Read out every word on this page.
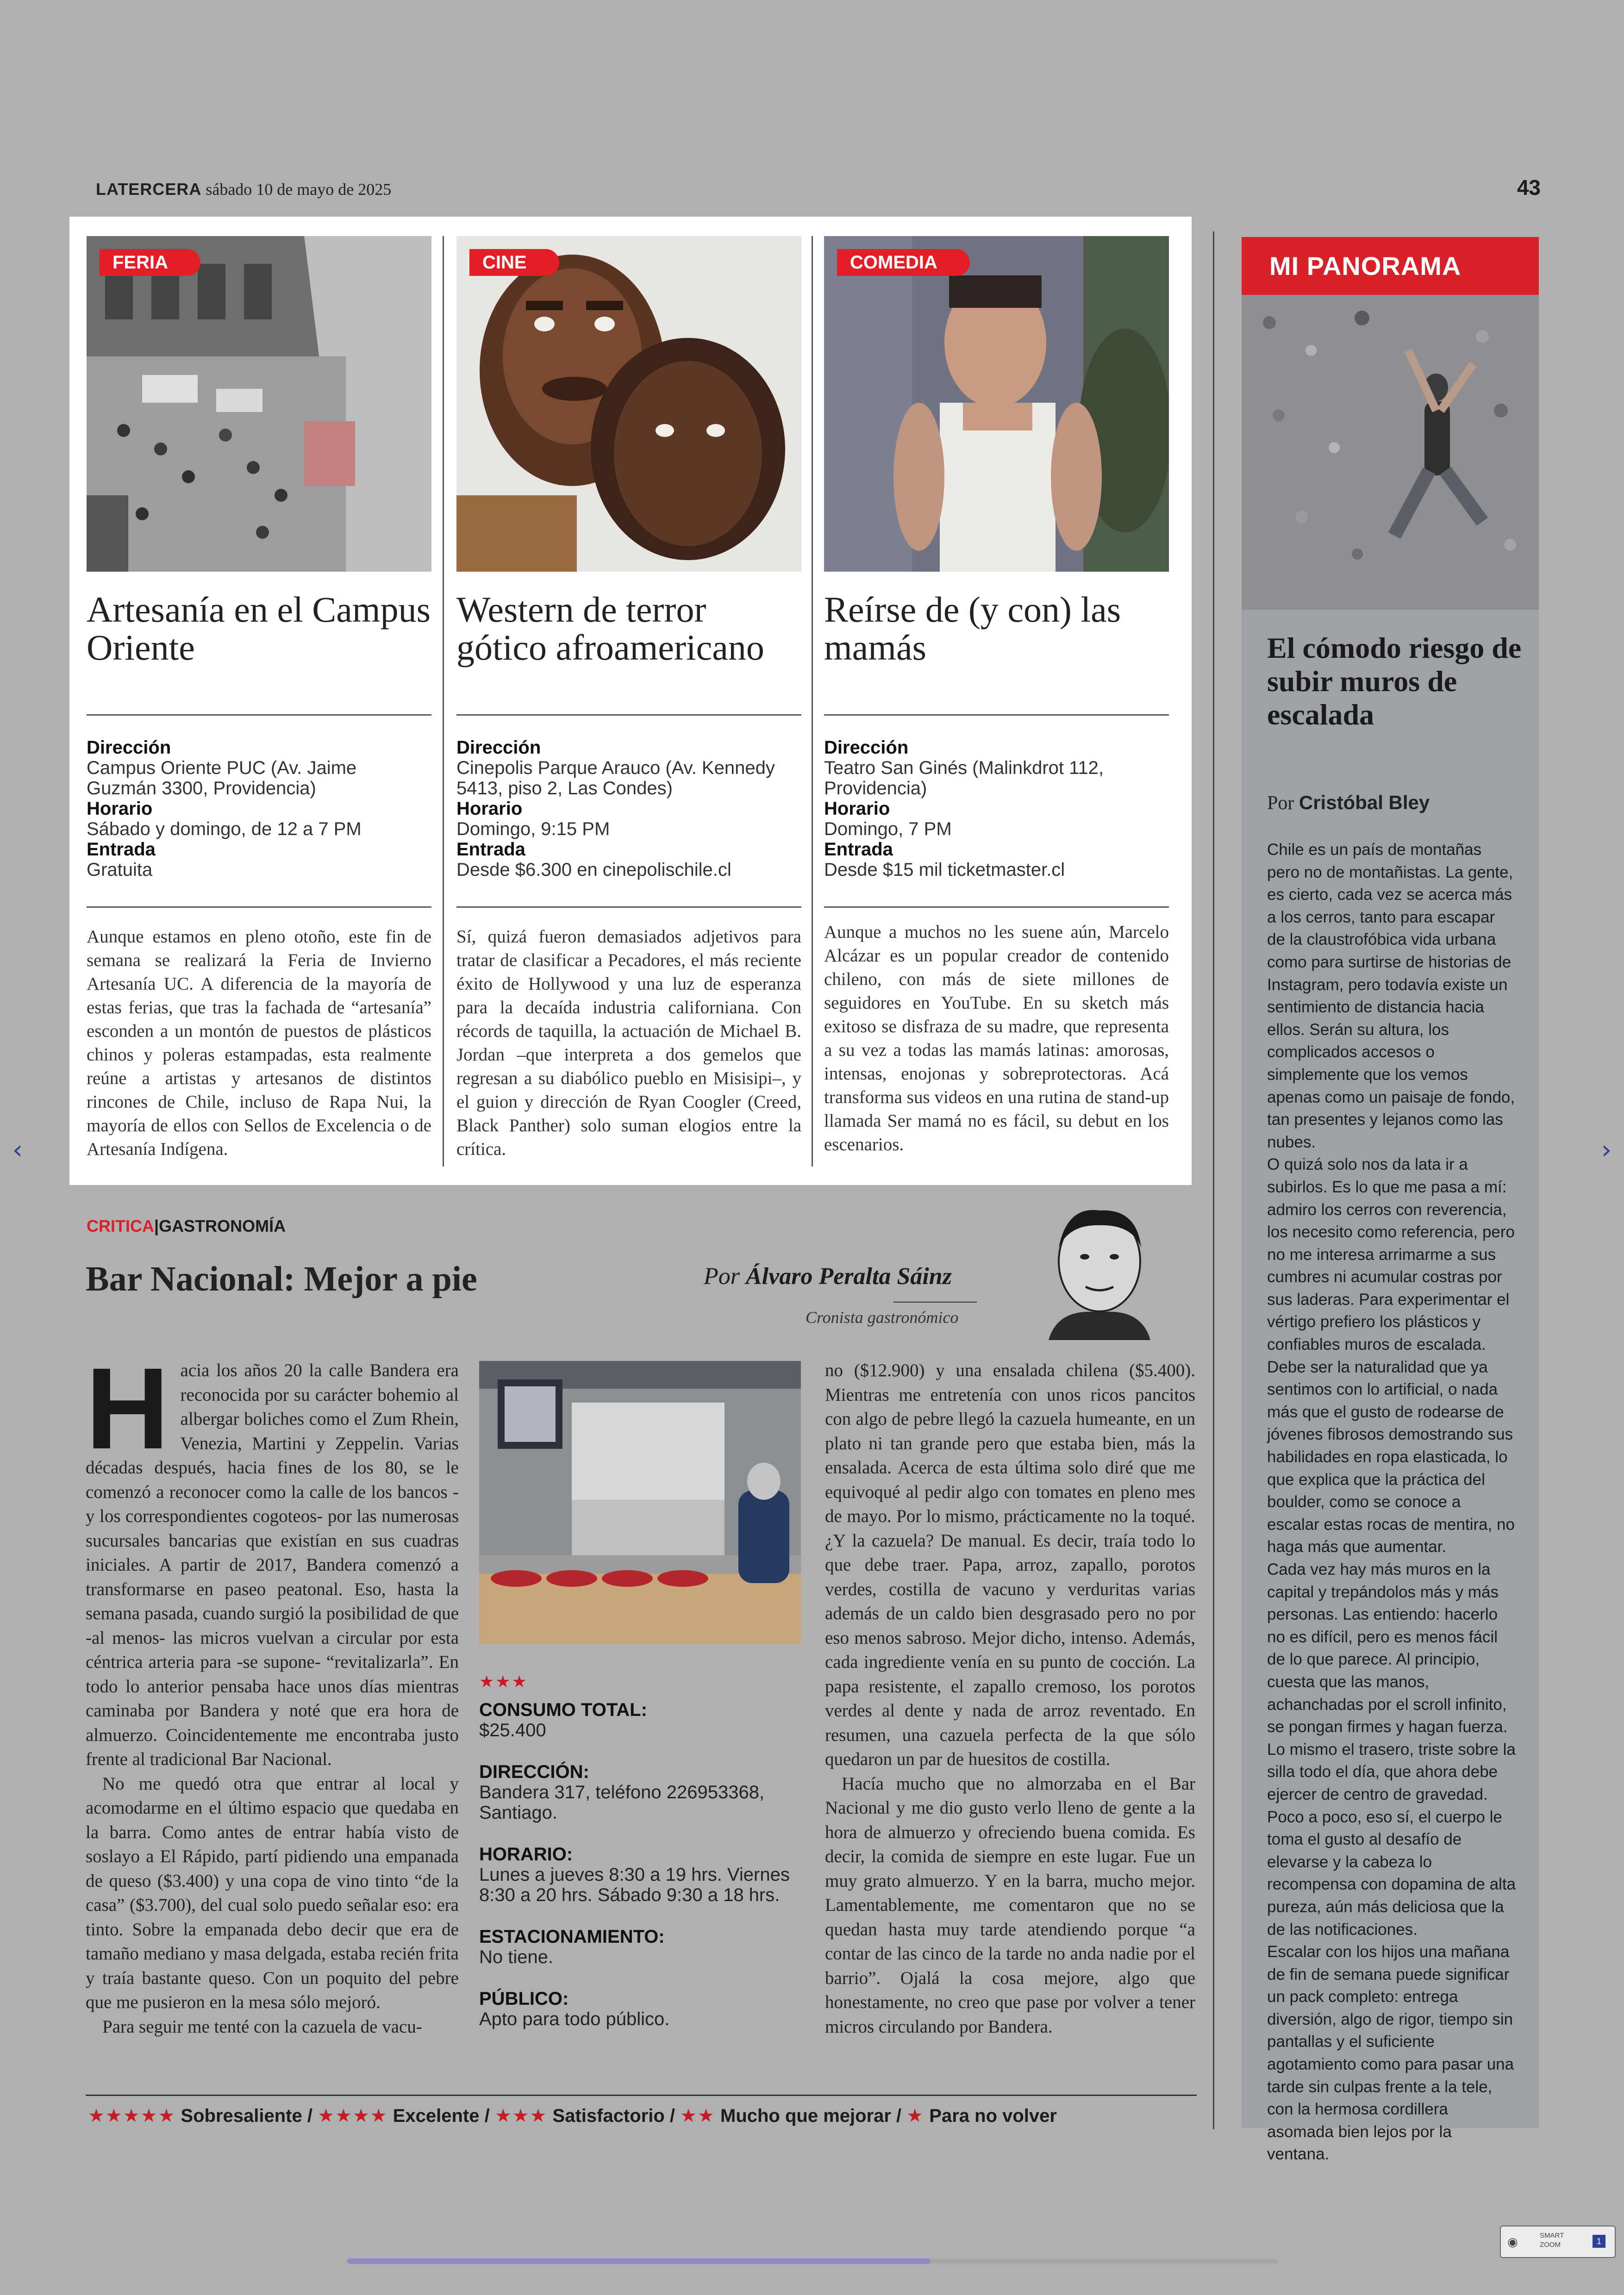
LATERCERA sábado 10 de mayo de 2025	43
FERIA
Artesanía en el Campus Oriente
Dirección
Campus Oriente PUC (Av. Jaime Guzmán 3300, Providencia)
Horario
Sábado y domingo, de 12 a 7 PM
Entrada
Gratuita
Aunque estamos en pleno otoño, este fin de semana se realizará la Feria de Invierno Artesanía UC. A diferencia de la mayoría de estas ferias, que tras la fachada de “artesanía” esconden a un montón de puestos de plásticos chinos y poleras estampadas, esta realmente reúne a artistas y artesanos de distintos rincones de Chile, incluso de Rapa Nui, la mayoría de ellos con Sellos de Excelencia o de Artesanía Indígena.
CINE
Western de terror gótico afroamericano
Dirección
Cinepolis Parque Arauco (Av. Kennedy 5413, piso 2, Las Condes)
Horario
Domingo, 9:15 PM
Entrada
Desde $6.300 en cinepolischile.cl
Sí, quizá fueron demasiados adjetivos para tratar de clasificar a Pecadores, el más reciente éxito de Hollywood y una luz de esperanza para la decaída industria californiana. Con récords de taquilla, la actuación de Michael B. Jordan –que interpreta a dos gemelos que regresan a su diabólico pueblo en Misisipi–, y el guion y dirección de Ryan Coogler (Creed, Black Panther) solo suman elogios entre la crítica.
COMEDIA
Reírse de (y con) las mamás
Dirección
Teatro San Ginés (Malinkdrot 112, Providencia)
Horario
Domingo, 7 PM
Entrada
Desde $15 mil ticketmaster.cl
Aunque a muchos no les suene aún, Marcelo Alcázar es un popular creador de contenido chileno, con más de siete millones de seguidores en YouTube. En su sketch más exitoso se disfraza de su madre, que representa a su vez a todas las mamás latinas: amorosas, intensas, enojonas y sobreprotectoras. Acá transforma sus videos en una rutina de stand-up llamada Ser mamá no es fácil, su debut en los escenarios.
MI PANORAMA
El cómodo riesgo de subir muros de escalada
Por Cristóbal Bley

Chile es un país de montañas pero no de montañistas. La gente, es cierto, cada vez se acerca más a los cerros, tanto para escapar de la claustrofóbica vida urbana como para surtirse de historias de Instagram, pero todavía existe un sentimiento de distancia hacia ellos. Serán su altura, los complicados accesos o simplemente que los vemos apenas como un paisaje de fondo, tan presentes y lejanos como las nubes.

O quizá solo nos da lata ir a subirlos. Es lo que me pasa a mí: admiro los cerros con reverencia, los necesito como referencia, pero no me interesa arrimarme a sus cumbres ni acumular costras por sus laderas. Para experimentar el vértigo prefiero los plásticos y confiables muros de escalada.

Debe ser la naturalidad que ya sentimos con lo artificial, o nada más que el gusto de rodearse de jóvenes fibrosos demostrando sus habilidades en ropa elasticada, lo que explica que la práctica del boulder, como se conoce a escalar estas rocas de mentira, no haga más que aumentar.

Cada vez hay más muros en la capital y trepándolos más y más personas. Las entiendo: hacerlo no es difícil, pero es menos fácil de lo que parece. Al principio, cuesta que las manos, achanchadas por el scroll infinito, se pongan firmes y hagan fuerza. Lo mismo el trasero, triste sobre la silla todo el día, que ahora debe ejercer de centro de gravedad. Poco a poco, eso sí, el cuerpo le toma el gusto al desafío de elevarse y la cabeza lo recompensa con dopamina de alta pureza, aún más deliciosa que la de las notificaciones.

Escalar con los hijos una mañana de fin de semana puede significar un pack completo: entrega diversión, algo de rigor, tiempo sin pantallas y el suficiente agotamiento como para pasar una tarde sin culpas frente a la tele, con la hermosa cordillera asomada bien lejos por la ventana.

CRITICA|GASTRONOMÍA
Bar Nacional: Mejor a pie	Por Álvaro Peralta Sáinz
Cronista gastronómico

Hacia los años 20 la calle Bandera era reconocida por su carácter bohemio al albergar boliches como el Zum Rhein, Venezia, Martini y Zeppelin. Varias décadas después, hacia fines de los 80, se le comenzó a reconocer como la calle de los bancos -y los correspondientes cogoteos- por las numerosas sucursales bancarias que existían en sus cuadras iniciales. A partir de 2017, Bandera comenzó a transformarse en paseo peatonal. Eso, hasta la semana pasada, cuando surgió la posibilidad de que -al menos- las micros vuelvan a circular por esta céntrica arteria para -se supone- “revitalizarla”. En todo lo anterior pensaba hace unos días mientras caminaba por Bandera y noté que era hora de almuerzo. Coincidentemente me encontraba justo frente al tradicional Bar Nacional.

No me quedó otra que entrar al local y acomodarme en el último espacio que quedaba en la barra. Como antes de entrar había visto de soslayo a El Rápido, partí pidiendo una empanada de queso ($3.400) y una copa de vino tinto “de la casa” ($3.700), del cual solo puedo señalar eso: era tinto. Sobre la empanada debo decir que era de tamaño mediano y masa delgada, estaba recién frita y traía bastante queso. Con un poquito del pebre que me pusieron en la mesa sólo mejoró.

Para seguir me tenté con la cazuela de vacu-

★★★
CONSUMO TOTAL:
$25.400
DIRECCIÓN:
Bandera 317, teléfono 226953368, Santiago.
HORARIO:
Lunes a jueves 8:30 a 19 hrs. Viernes 8:30 a 20 hrs. Sábado 9:30 a 18 hrs.
ESTACIONAMIENTO:
No tiene.
PÚBLICO:
Apto para todo público.

no ($12.900) y una ensalada chilena ($5.400). Mientras me entretenía con unos ricos pancitos con algo de pebre llegó la cazuela humeante, en un plato ni tan grande pero que estaba bien, más la ensalada. Acerca de esta última solo diré que me equivoqué al pedir algo con tomates en pleno mes de mayo. Por lo mismo, prácticamente no la toqué. ¿Y la cazuela? De manual. Es decir, traía todo lo que debe traer. Papa, arroz, zapallo, porotos verdes, costilla de vacuno y verduritas varias además de un caldo bien desgrasado pero no por eso menos sabroso. Mejor dicho, intenso. Además, cada ingrediente venía en su punto de cocción. La papa resistente, el zapallo cremoso, los porotos verdes al dente y nada de arroz reventado. En resumen, una cazuela perfecta de la que sólo quedaron un par de huesitos de costilla.

Hacía mucho que no almorzaba en el Bar Nacional y me dio gusto verlo lleno de gente a la hora de almuerzo y ofreciendo buena comida. Es decir, la comida de siempre en este lugar. Fue un muy grato almuerzo. Y en la barra, mucho mejor. Lamentablemente, me comentaron que no se quedan hasta muy tarde atendiendo porque “a contar de las cinco de la tarde no anda nadie por el barrio”. Ojalá la cosa mejore, algo que honestamente, no creo que pase por volver a tener micros circulando por Bandera.

★★★★★ Sobresaliente / ★★★★ Excelente / ★★★ Satisfactorio / ★★ Mucho que mejorar / ★ Para no volver
‹	›
◉	SMART ZOOM	1
